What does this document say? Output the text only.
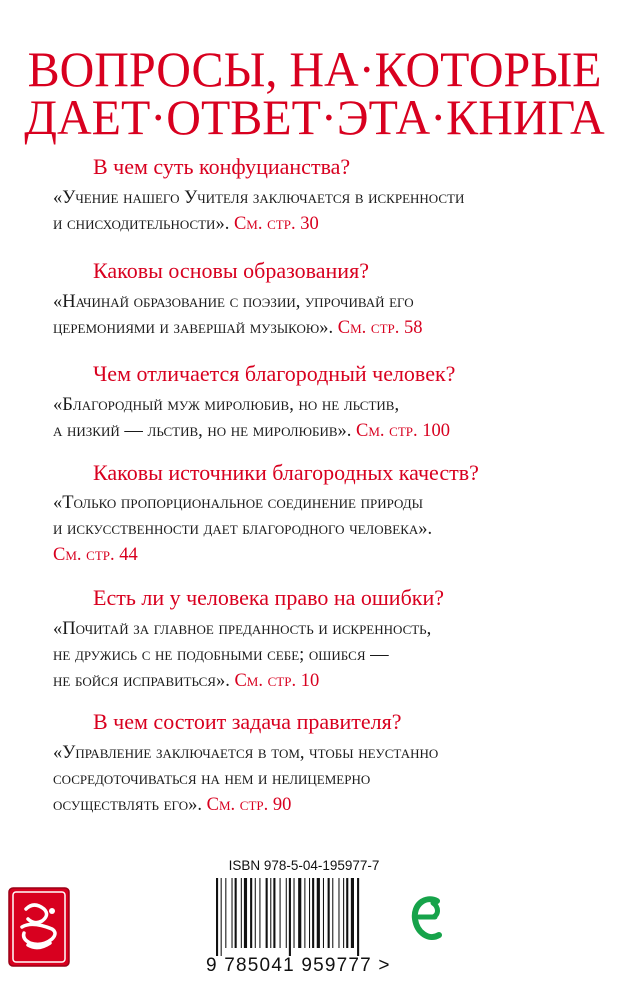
ВОПРОСЫ, НА·КОТОРЫЕ
ДАЕТ·ОТВЕТ·ЭТА·КНИГА
В чем суть конфуцианства?
«Учение нашего Учителя заключается в искренности
и снисходительности». См. стр. 30
Каковы основы образования?
«Начинай образование с поэзии, упрочивай его
церемониями и завершай музыкою». См. стр. 58
Чем отличается благородный человек?
«Благородный муж миролюбив, но не льстив,
а низкий — льстив, но не миролюбив». См. стр. 100
Каковы источники благородных качеств?
«Только пропорциональное соединение природы
и искусственности дает благородного человека».
См. стр. 44
Есть ли у человека право на ошибки?
«Почитай за главное преданность и искренность,
не дружись с не подобными себе; ошибся —
не бойся исправиться». См. стр. 10
В чем состоит задача правителя?
«Управление заключается в том, чтобы неустанно
сосредоточиваться на нем и нелицемерно
осуществлять его». См. стр. 90
ISBN 978-5-04-195977-7
9 785041 959777 >
